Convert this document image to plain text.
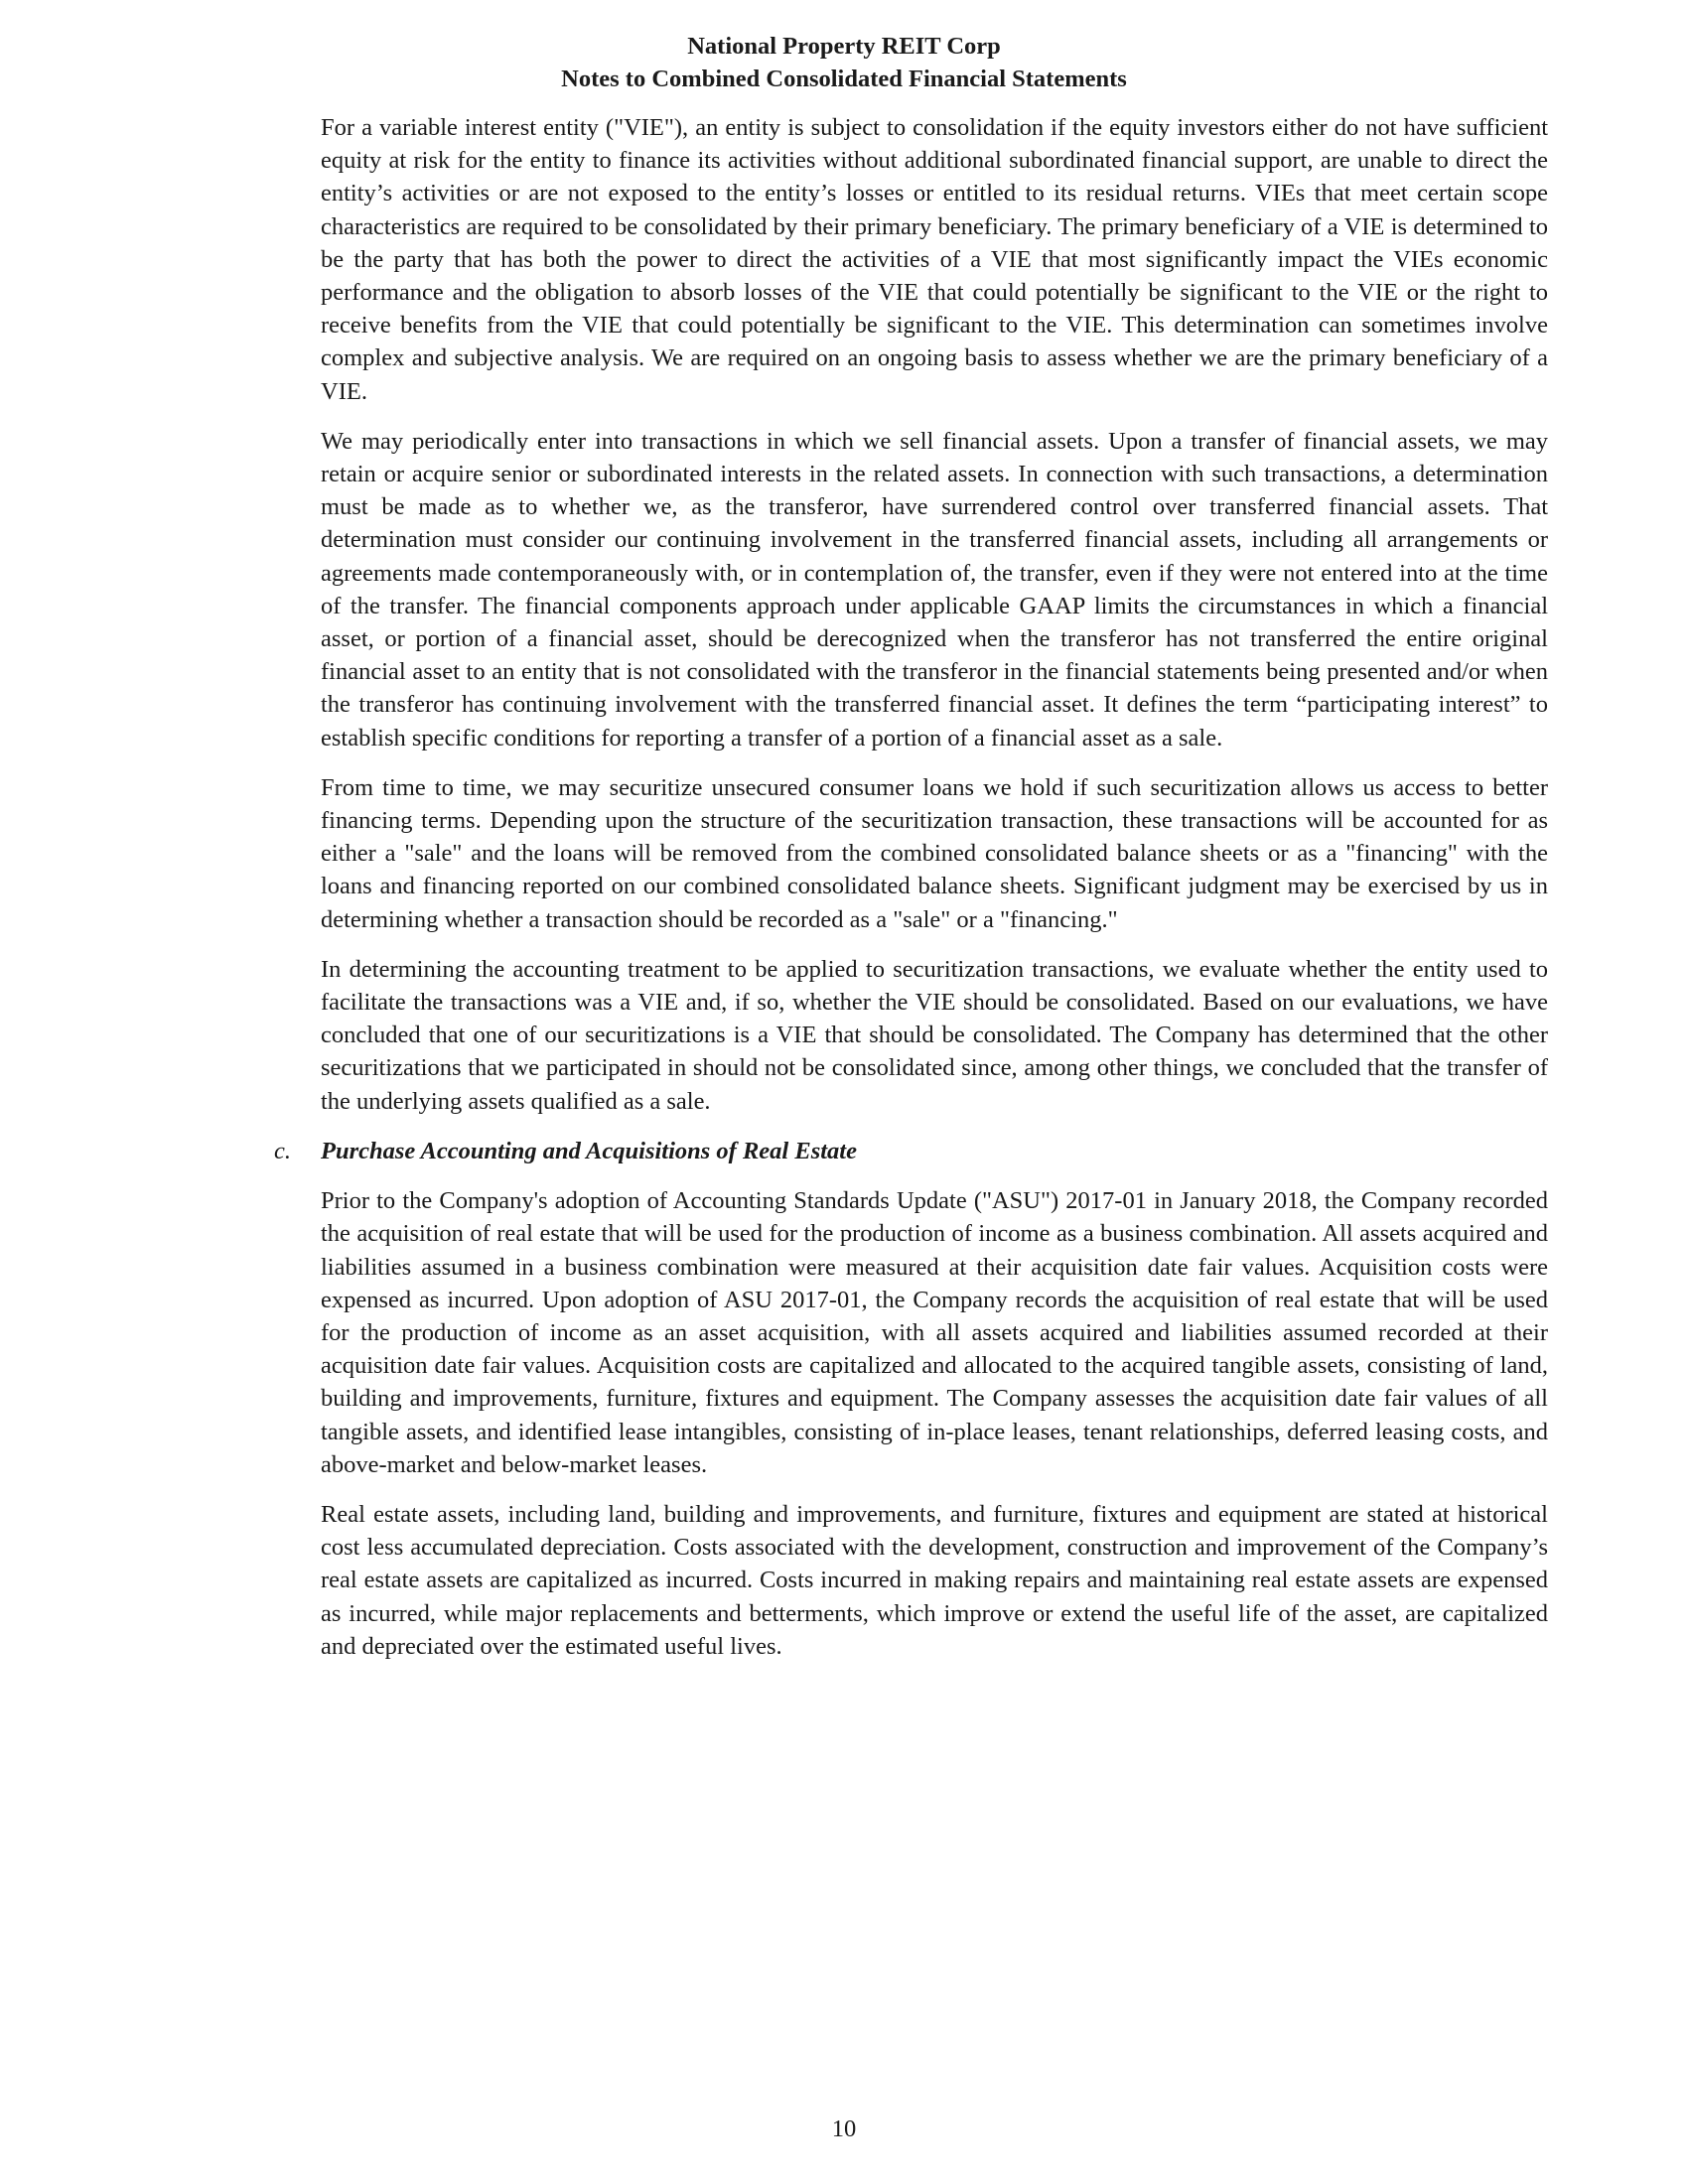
National Property REIT Corp
Notes to Combined Consolidated Financial Statements

For a variable interest entity ("VIE"), an entity is subject to consolidation if the equity investors either do not have sufficient equity at risk for the entity to finance its activities without additional subordinated financial support, are unable to direct the entity’s activities or are not exposed to the entity’s losses or entitled to its residual returns. VIEs that meet certain scope characteristics are required to be consolidated by their primary beneficiary. The primary beneficiary of a VIE is determined to be the party that has both the power to direct the activities of a VIE that most significantly impact the VIEs economic performance and the obligation to absorb losses of the VIE that could potentially be significant to the VIE or the right to receive benefits from the VIE that could potentially be significant to the VIE. This determination can sometimes involve complex and subjective analysis. We are required on an ongoing basis to assess whether we are the primary beneficiary of a VIE.

We may periodically enter into transactions in which we sell financial assets. Upon a transfer of financial assets, we may retain or acquire senior or subordinated interests in the related assets. In connection with such transactions, a determination must be made as to whether we, as the transferor, have surrendered control over transferred financial assets. That determination must consider our continuing involvement in the transferred financial assets, including all arrangements or agreements made contemporaneously with, or in contemplation of, the transfer, even if they were not entered into at the time of the transfer. The financial components approach under applicable GAAP limits the circumstances in which a financial asset, or portion of a financial asset, should be derecognized when the transferor has not transferred the entire original financial asset to an entity that is not consolidated with the transferor in the financial statements being presented and/or when the transferor has continuing involvement with the transferred financial asset. It defines the term “participating interest” to establish specific conditions for reporting a transfer of a portion of a financial asset as a sale.

From time to time, we may securitize unsecured consumer loans we hold if such securitization allows us access to better financing terms. Depending upon the structure of the securitization transaction, these transactions will be accounted for as either a "sale" and the loans will be removed from the combined consolidated balance sheets or as a "financing" with the loans and financing reported on our combined consolidated balance sheets. Significant judgment may be exercised by us in determining whether a transaction should be recorded as a "sale" or a "financing."

In determining the accounting treatment to be applied to securitization transactions, we evaluate whether the entity used to facilitate the transactions was a VIE and, if so, whether the VIE should be consolidated. Based on our evaluations, we have concluded that one of our securitizations is a VIE that should be consolidated. The Company has determined that the other securitizations that we participated in should not be consolidated since, among other things, we concluded that the transfer of the underlying assets qualified as a sale.

c. Purchase Accounting and Acquisitions of Real Estate

Prior to the Company's adoption of Accounting Standards Update ("ASU") 2017-01 in January 2018, the Company recorded the acquisition of real estate that will be used for the production of income as a business combination. All assets acquired and liabilities assumed in a business combination were measured at their acquisition date fair values. Acquisition costs were expensed as incurred. Upon adoption of ASU 2017-01, the Company records the acquisition of real estate that will be used for the production of income as an asset acquisition, with all assets acquired and liabilities assumed recorded at their acquisition date fair values. Acquisition costs are capitalized and allocated to the acquired tangible assets, consisting of land, building and improvements, furniture, fixtures and equipment. The Company assesses the acquisition date fair values of all tangible assets, and identified lease intangibles, consisting of in-place leases, tenant relationships, deferred leasing costs, and above-market and below-market leases.

Real estate assets, including land, building and improvements, and furniture, fixtures and equipment are stated at historical cost less accumulated depreciation. Costs associated with the development, construction and improvement of the Company’s real estate assets are capitalized as incurred. Costs incurred in making repairs and maintaining real estate assets are expensed as incurred, while major replacements and betterments, which improve or extend the useful life of the asset, are capitalized and depreciated over the estimated useful lives.

10
